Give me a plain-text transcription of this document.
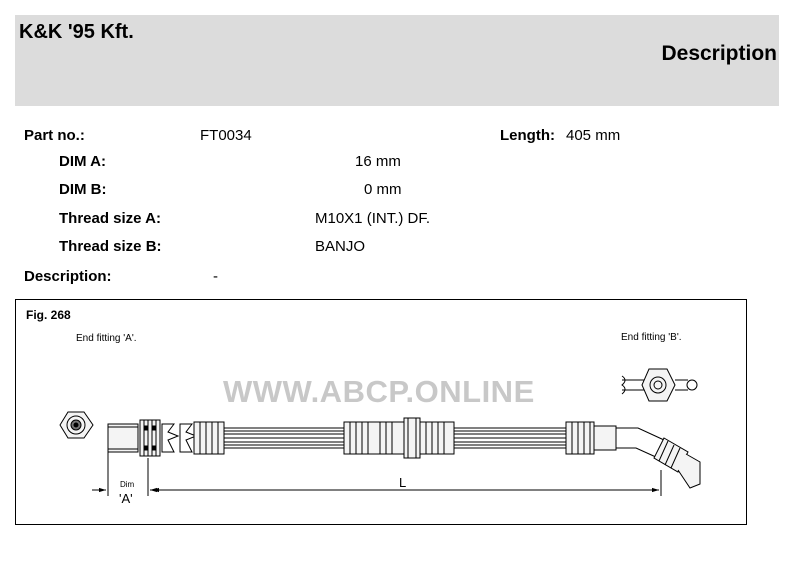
K&K '95 Kft.
Description
Part no.:	FT0034	Length: 405 mm
DIM A:	16 mm
DIM B:	0 mm
Thread size A:	M10X1 (INT.) DF.
Thread size B:	BANJO
Description:	-
Fig. 268
End fitting 'A'.	End fitting 'B'.
WWW.ABCP.ONLINE
Dim
'A'
L
